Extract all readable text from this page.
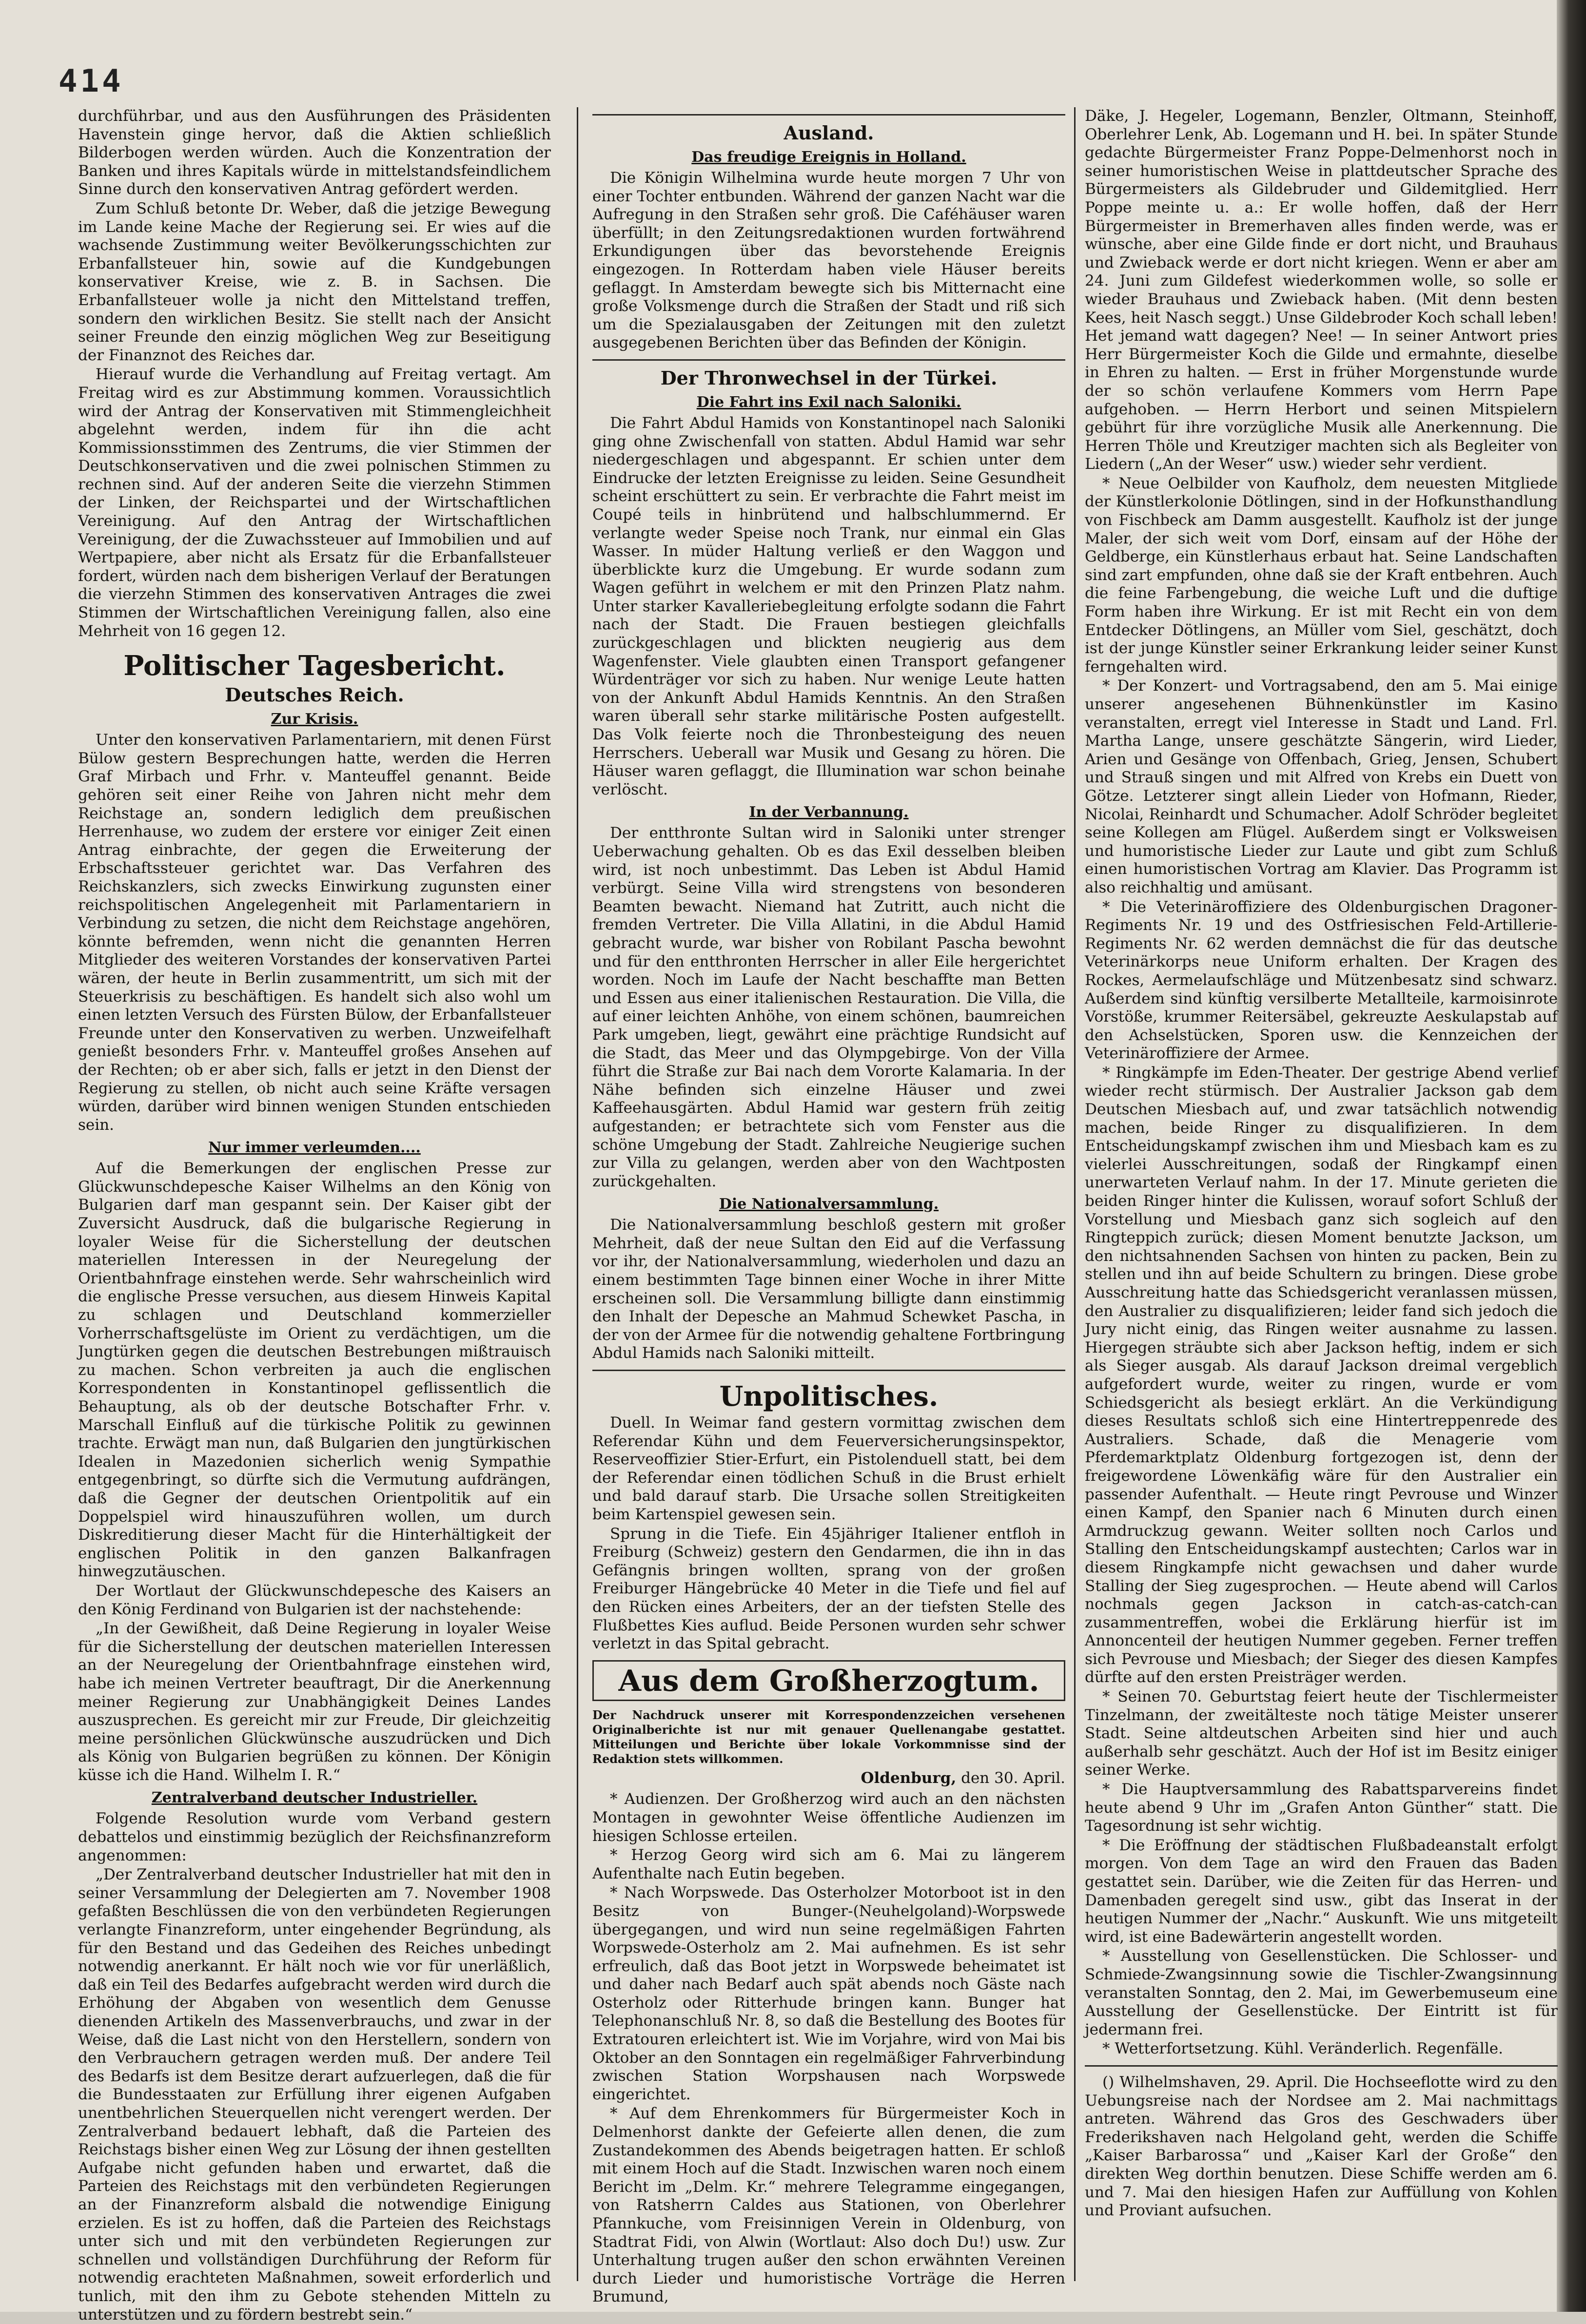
414

durchführbar, und aus den Ausführungen des Präsidenten Havenstein ginge hervor, daß die Aktien schließlich Bilderbogen werden würden. Auch die Konzentration der Banken und ihres Kapitals würde in mittelstandsfeindlichem Sinne durch den konservativen Antrag gefördert werden.

Zum Schluß betonte Dr. Weber, daß die jetzige Bewegung im Lande keine Mache der Regierung sei. Er wies auf die wachsende Zustimmung weiter Bevölkerungsschichten zur Erbanfallsteuer hin, sowie auf die Kundgebungen konservativer Kreise, wie z. B. in Sachsen. Die Erbanfallsteuer wolle ja nicht den Mittelstand treffen, sondern den wirklichen Besitz. Sie stellt nach der Ansicht seiner Freunde den einzig möglichen Weg zur Beseitigung der Finanznot des Reiches dar.

Hierauf wurde die Verhandlung auf Freitag vertagt. Am Freitag wird es zur Abstimmung kommen. Voraussichtlich wird der Antrag der Konservativen mit Stimmengleichheit abgelehnt werden, indem für ihn die acht Kommissionsstimmen des Zentrums, die vier Stimmen der Deutschkonservativen und die zwei polnischen Stimmen zu rechnen sind. Auf der anderen Seite die vierzehn Stimmen der Linken, der Reichspartei und der Wirtschaftlichen Vereinigung. Auf den Antrag der Wirtschaftlichen Vereinigung, der die Zuwachssteuer auf Immobilien und auf Wertpapiere, aber nicht als Ersatz für die Erbanfallsteuer fordert, würden nach dem bisherigen Verlauf der Beratungen die vierzehn Stimmen des konservativen Antrages die zwei Stimmen der Wirtschaftlichen Vereinigung fallen, also eine Mehrheit von 16 gegen 12.

Politischer Tagesbericht.
Deutsches Reich.
Zur Krisis.

Unter den konservativen Parlamentariern, mit denen Fürst Bülow gestern Besprechungen hatte, werden die Herren Graf Mirbach und Frhr. v. Manteuffel genannt. Beide gehören seit einer Reihe von Jahren nicht mehr dem Reichstage an, sondern lediglich dem preußischen Herrenhause, wo zudem der erstere vor einiger Zeit einen Antrag einbrachte, der gegen die Erweiterung der Erbschaftssteuer gerichtet war. Das Verfahren des Reichskanzlers, sich zwecks Einwirkung zugunsten einer reichspolitischen Angelegenheit mit Parlamentariern in Verbindung zu setzen, die nicht dem Reichstage angehören, könnte befremden, wenn nicht die genannten Herren Mitglieder des weiteren Vorstandes der konservativen Partei wären, der heute in Berlin zusammentritt, um sich mit der Steuerkrisis zu beschäftigen. Es handelt sich also wohl um einen letzten Versuch des Fürsten Bülow, der Erbanfallsteuer Freunde unter den Konservativen zu werben. Unzweifelhaft genießt besonders Frhr. v. Manteuffel großes Ansehen auf der Rechten; ob er aber sich, falls er jetzt in den Dienst der Regierung zu stellen, ob nicht auch seine Kräfte versagen würden, darüber wird binnen wenigen Stunden entschieden sein.

Nur immer verleumden....

Auf die Bemerkungen der englischen Presse zur Glückwunschdepesche Kaiser Wilhelms an den König von Bulgarien darf man gespannt sein. Der Kaiser gibt der Zuversicht Ausdruck, daß die bulgarische Regierung in loyaler Weise für die Sicherstellung der deutschen materiellen Interessen in der Neuregelung der Orientbahnfrage einstehen werde. Sehr wahrscheinlich wird die englische Presse versuchen, aus diesem Hinweis Kapital zu schlagen und Deutschland kommerzieller Vorherrschaftsgelüste im Orient zu verdächtigen, um die Jungtürken gegen die deutschen Bestrebungen mißtrauisch zu machen. Schon verbreiten ja auch die englischen Korrespondenten in Konstantinopel geflissentlich die Behauptung, als ob der deutsche Botschafter Frhr. v. Marschall Einfluß auf die türkische Politik zu gewinnen trachte. Erwägt man nun, daß Bulgarien den jungtürkischen Idealen in Mazedonien sicherlich wenig Sympathie entgegenbringt, so dürfte sich die Vermutung aufdrängen, daß die Gegner der deutschen Orientpolitik auf ein Doppelspiel wird hinauszuführen wollen, um durch Diskreditierung dieser Macht für die Hinterhältigkeit der englischen Politik in den ganzen Balkanfragen hinwegzutäuschen.

Der Wortlaut der Glückwunschdepesche des Kaisers an den König Ferdinand von Bulgarien ist der nachstehende:

„In der Gewißheit, daß Deine Regierung in loyaler Weise für die Sicherstellung der deutschen materiellen Interessen an der Neuregelung der Orientbahnfrage einstehen wird, habe ich meinen Vertreter beauftragt, Dir die Anerkennung meiner Regierung zur Unabhängigkeit Deines Landes auszusprechen. Es gereicht mir zur Freude, Dir gleichzeitig meine persönlichen Glückwünsche auszudrücken und Dich als König von Bulgarien begrüßen zu können. Der Königin küsse ich die Hand. Wilhelm I. R.“

Zentralverband deutscher Industrieller.

Folgende Resolution wurde vom Verband gestern debattelos und einstimmig bezüglich der Reichsfinanzreform angenommen:

„Der Zentralverband deutscher Industrieller hat mit den in seiner Versammlung der Delegierten am 7. November 1908 gefaßten Beschlüssen die von den verbündeten Regierungen verlangte Finanzreform, unter eingehender Begründung, als für den Bestand und das Gedeihen des Reiches unbedingt notwendig anerkannt. Er hält noch wie vor für unerläßlich, daß ein Teil des Bedarfes aufgebracht werden wird durch die Erhöhung der Abgaben von wesentlich dem Genusse dienenden Artikeln des Massenverbrauchs, und zwar in der Weise, daß die Last nicht von den Herstellern, sondern von den Verbrauchern getragen werden muß. Der andere Teil des Bedarfs ist dem Besitze derart aufzuerlegen, daß die für die Bundesstaaten zur Erfüllung ihrer eigenen Aufgaben unentbehrlichen Steuerquellen nicht verengert werden. Der Zentralverband bedauert lebhaft, daß die Parteien des Reichstags bisher einen Weg zur Lösung der ihnen gestellten Aufgabe nicht gefunden haben und erwartet, daß die Parteien des Reichstags mit den verbündeten Regierungen an der Finanzreform alsbald die notwendige Einigung erzielen. Es ist zu hoffen, daß die Parteien des Reichstags unter sich und mit den verbündeten Regierungen zur schnellen und vollständigen Durchführung der Reform für notwendig erachteten Maßnahmen, soweit erforderlich und tunlich, mit den ihm zu Gebote stehenden Mitteln zu unterstützen und zu fördern bestrebt sein.“

Ausland.
Das freudige Ereignis in Holland.

Die Königin Wilhelmina wurde heute morgen 7 Uhr von einer Tochter entbunden. Während der ganzen Nacht war die Aufregung in den Straßen sehr groß. Die Caféhäuser waren überfüllt; in den Zeitungsredaktionen wurden fortwährend Erkundigungen über das bevorstehende Ereignis eingezogen. In Rotterdam haben viele Häuser bereits geflaggt. In Amsterdam bewegte sich bis Mitternacht eine große Volksmenge durch die Straßen der Stadt und riß sich um die Spezialausgaben der Zeitungen mit den zuletzt ausgegebenen Berichten über das Befinden der Königin.

Der Thronwechsel in der Türkei.
Die Fahrt ins Exil nach Saloniki.

Die Fahrt Abdul Hamids von Konstantinopel nach Saloniki ging ohne Zwischenfall von statten. Abdul Hamid war sehr niedergeschlagen und abgespannt. Er schien unter dem Eindrucke der letzten Ereignisse zu leiden. Seine Gesundheit scheint erschüttert zu sein. Er verbrachte die Fahrt meist im Coupé teils in hinbrütend und halbschlummernd. Er verlangte weder Speise noch Trank, nur einmal ein Glas Wasser. In müder Haltung verließ er den Waggon und überblickte kurz die Umgebung. Er wurde sodann zum Wagen geführt in welchem er mit den Prinzen Platz nahm. Unter starker Kavalleriebegleitung erfolgte sodann die Fahrt nach der Stadt. Die Frauen bestiegen gleichfalls zurückgeschlagen und blickten neugierig aus dem Wagenfenster. Viele glaubten einen Transport gefangener Würdenträger vor sich zu haben. Nur wenige Leute hatten von der Ankunft Abdul Hamids Kenntnis. An den Straßen waren überall sehr starke militärische Posten aufgestellt. Das Volk feierte noch die Thronbesteigung des neuen Herrschers. Ueberall war Musik und Gesang zu hören. Die Häuser waren geflaggt, die Illumination war schon beinahe verlöscht.

In der Verbannung.

Der entthronte Sultan wird in Saloniki unter strenger Ueberwachung gehalten. Ob es das Exil desselben bleiben wird, ist noch unbestimmt. Das Leben ist Abdul Hamid verbürgt. Seine Villa wird strengstens von besonderen Beamten bewacht. Niemand hat Zutritt, auch nicht die fremden Vertreter. Die Villa Allatini, in die Abdul Hamid gebracht wurde, war bisher von Robilant Pascha bewohnt und für den entthronten Herrscher in aller Eile hergerichtet worden. Noch im Laufe der Nacht beschaffte man Betten und Essen aus einer italienischen Restauration. Die Villa, die auf einer leichten Anhöhe, von einem schönen, baumreichen Park umgeben, liegt, gewährt eine prächtige Rundsicht auf die Stadt, das Meer und das Olympgebirge. Von der Villa führt die Straße zur Bai nach dem Vororte Kalamaria. In der Nähe befinden sich einzelne Häuser und zwei Kaffeehausgärten. Abdul Hamid war gestern früh zeitig aufgestanden; er betrachtete sich vom Fenster aus die schöne Umgebung der Stadt. Zahlreiche Neugierige suchen zur Villa zu gelangen, werden aber von den Wachtposten zurückgehalten.

Die Nationalversammlung.

Die Nationalversammlung beschloß gestern mit großer Mehrheit, daß der neue Sultan den Eid auf die Verfassung vor ihr, der Nationalversammlung, wiederholen und dazu an einem bestimmten Tage binnen einer Woche in ihrer Mitte erscheinen soll. Die Versammlung billigte dann einstimmig den Inhalt der Depesche an Mahmud Schewket Pascha, in der von der Armee für die notwendig gehaltene Fortbringung Abdul Hamids nach Saloniki mitteilt.

Unpolitisches.

Duell. In Weimar fand gestern vormittag zwischen dem Referendar Kühn und dem Feuerversicherungsinspektor, Reserveoffizier Stier-Erfurt, ein Pistolenduell statt, bei dem der Referendar einen tödlichen Schuß in die Brust erhielt und bald darauf starb. Die Ursache sollen Streitigkeiten beim Kartenspiel gewesen sein.

Sprung in die Tiefe. Ein 45jähriger Italiener entfloh in Freiburg (Schweiz) gestern den Gendarmen, die ihn in das Gefängnis bringen wollten, sprang von der großen Freiburger Hängebrücke 40 Meter in die Tiefe und fiel auf den Rücken eines Arbeiters, der an der tiefsten Stelle des Flußbettes Kies auflud. Beide Personen wurden sehr schwer verletzt in das Spital gebracht.

Aus dem Großherzogtum.
Der Nachdruck unserer mit Korrespondenzzeichen versehenen Originalberichte ist nur mit genauer Quellenangabe gestattet. Mitteilungen und Berichte über lokale Vorkommnisse sind der Redaktion stets willkommen.
Oldenburg, den 30. April.

* Audienzen. Der Großherzog wird auch an den nächsten Montagen in gewohnter Weise öffentliche Audienzen im hiesigen Schlosse erteilen.

* Herzog Georg wird sich am 6. Mai zu längerem Aufenthalte nach Eutin begeben.

* Nach Worpswede. Das Osterholzer Motorboot ist in den Besitz von Bunger-(Neuhelgoland)-Worpswede übergegangen, und wird nun seine regelmäßigen Fahrten Worpswede-Osterholz am 2. Mai aufnehmen. Es ist sehr erfreulich, daß das Boot jetzt in Worpswede beheimatet ist und daher nach Bedarf auch spät abends noch Gäste nach Osterholz oder Ritterhude bringen kann. Bunger hat Telephonanschluß Nr. 8, so daß die Bestellung des Bootes für Extratouren erleichtert ist. Wie im Vorjahre, wird von Mai bis Oktober an den Sonntagen ein regelmäßiger Fahrverbindung zwischen Station Worpshausen nach Worpswede eingerichtet.

* Auf dem Ehrenkommers für Bürgermeister Koch in Delmenhorst dankte der Gefeierte allen denen, die zum Zustandekommen des Abends beigetragen hatten. Er schloß mit einem Hoch auf die Stadt. Inzwischen waren noch einem Bericht im „Delm. Kr.“ mehrere Telegramme eingegangen, von Ratsherrn Caldes aus Stationen, von Oberlehrer Pfannkuche, vom Freisinnigen Verein in Oldenburg, von Stadtrat Fidi, von Alwin (Wortlaut: Also doch Du!) usw. Zur Unterhaltung trugen außer den schon erwähnten Vereinen durch Lieder und humoristische Vorträge die Herren Brumund,

Däke, J. Hegeler, Logemann, Benzler, Oltmann, Steinhoff, Oberlehrer Lenk, Ab. Logemann und H. bei. In später Stunde gedachte Bürgermeister Franz Poppe-Delmenhorst noch in seiner humoristischen Weise in plattdeutscher Sprache des Bürgermeisters als Gildebruder und Gildemitglied. Herr Poppe meinte u. a.: Er wolle hoffen, daß der Herr Bürgermeister in Bremerhaven alles finden werde, was er wünsche, aber eine Gilde finde er dort nicht, und Brauhaus und Zwieback werde er dort nicht kriegen. Wenn er aber am 24. Juni zum Gildefest wiederkommen wolle, so solle er wieder Brauhaus und Zwieback haben. (Mit denn besten Kees, heit Nasch seggt.) Unse Gildebroder Koch schall leben! Het jemand watt dagegen? Nee! — In seiner Antwort pries Herr Bürgermeister Koch die Gilde und ermahnte, dieselbe in Ehren zu halten. — Erst in früher Morgenstunde wurde der so schön verlaufene Kommers vom Herrn Pape aufgehoben. — Herrn Herbort und seinen Mitspielern gebührt für ihre vorzügliche Musik alle Anerkennung. Die Herren Thöle und Kreutziger machten sich als Begleiter von Liedern („An der Weser“ usw.) wieder sehr verdient.

* Neue Oelbilder von Kaufholz, dem neuesten Mitgliede der Künstlerkolonie Dötlingen, sind in der Hofkunsthandlung von Fischbeck am Damm ausgestellt. Kaufholz ist der junge Maler, der sich weit vom Dorf, einsam auf der Höhe der Geldberge, ein Künstlerhaus erbaut hat. Seine Landschaften sind zart empfunden, ohne daß sie der Kraft entbehren. Auch die feine Farbengebung, die weiche Luft und die duftige Form haben ihre Wirkung. Er ist mit Recht ein von dem Entdecker Dötlingens, an Müller vom Siel, geschätzt, doch ist der junge Künstler seiner Erkrankung leider seiner Kunst ferngehalten wird.

* Der Konzert- und Vortragsabend, den am 5. Mai einige unserer angesehenen Bühnenkünstler im Kasino veranstalten, erregt viel Interesse in Stadt und Land. Frl. Martha Lange, unsere geschätzte Sängerin, wird Lieder, Arien und Gesänge von Offenbach, Grieg, Jensen, Schubert und Strauß singen und mit Alfred von Krebs ein Duett von Götze. Letzterer singt allein Lieder von Hofmann, Rieder, Nicolai, Reinhardt und Schumacher. Adolf Schröder begleitet seine Kollegen am Flügel. Außerdem singt er Volksweisen und humoristische Lieder zur Laute und gibt zum Schluß einen humoristischen Vortrag am Klavier. Das Programm ist also reichhaltig und amüsant.

* Die Veterinäroffiziere des Oldenburgischen Dragoner-Regiments Nr. 19 und des Ostfriesischen Feld-Artillerie-Regiments Nr. 62 werden demnächst die für das deutsche Veterinärkorps neue Uniform erhalten. Der Kragen des Rockes, Aermelaufschläge und Mützenbesatz sind schwarz. Außerdem sind künftig versilberte Metallteile, karmoisinrote Vorstöße, krummer Reitersäbel, gekreuzte Aeskulapstab auf den Achselstücken, Sporen usw. die Kennzeichen der Veterinäroffiziere der Armee.

* Ringkämpfe im Eden-Theater. Der gestrige Abend verlief wieder recht stürmisch. Der Australier Jackson gab dem Deutschen Miesbach auf, und zwar tatsächlich notwendig machen, beide Ringer zu disqualifizieren. In dem Entscheidungskampf zwischen ihm und Miesbach kam es zu vielerlei Ausschreitungen, sodaß der Ringkampf einen unerwarteten Verlauf nahm. In der 17. Minute gerieten die beiden Ringer hinter die Kulissen, worauf sofort Schluß der Vorstellung und Miesbach ganz sich sogleich auf den Ringteppich zurück; diesen Moment benutzte Jackson, um den nichtsahnenden Sachsen von hinten zu packen, Bein zu stellen und ihn auf beide Schultern zu bringen. Diese grobe Ausschreitung hatte das Schiedsgericht veranlassen müssen, den Australier zu disqualifizieren; leider fand sich jedoch die Jury nicht einig, das Ringen weiter ausnahme zu lassen. Hiergegen sträubte sich aber Jackson heftig, indem er sich als Sieger ausgab. Als darauf Jackson dreimal vergeblich aufgefordert wurde, weiter zu ringen, wurde er vom Schiedsgericht als besiegt erklärt. An die Verkündigung dieses Resultats schloß sich eine Hintertreppenrede des Australiers. Schade, daß die Menagerie vom Pferdemarktplatz Oldenburg fortgezogen ist, denn der freigewordene Löwenkäfig wäre für den Australier ein passender Aufenthalt. — Heute ringt Pevrouse und Winzer einen Kampf, den Spanier nach 6 Minuten durch einen Armdruckzug gewann. Weiter sollten noch Carlos und Stalling den Entscheidungskampf austechten; Carlos war in diesem Ringkampfe nicht gewachsen und daher wurde Stalling der Sieg zugesprochen. — Heute abend will Carlos nochmals gegen Jackson in catch-as-catch-can zusammentreffen, wobei die Erklärung hierfür ist im Annoncenteil der heutigen Nummer gegeben. Ferner treffen sich Pevrouse und Miesbach; der Sieger des diesen Kampfes dürfte auf den ersten Preisträger werden.

* Seinen 70. Geburtstag feiert heute der Tischlermeister Tinzelmann, der zweitälteste noch tätige Meister unserer Stadt. Seine altdeutschen Arbeiten sind hier und auch außerhalb sehr geschätzt. Auch der Hof ist im Besitz einiger seiner Werke.

* Die Hauptversammlung des Rabattsparvereins findet heute abend 9 Uhr im „Grafen Anton Günther“ statt. Die Tagesordnung ist sehr wichtig.

* Die Eröffnung der städtischen Flußbadeanstalt erfolgt morgen. Von dem Tage an wird den Frauen das Baden gestattet sein. Darüber, wie die Zeiten für das Herren- und Damenbaden geregelt sind usw., gibt das Inserat in der heutigen Nummer der „Nachr.“ Auskunft. Wie uns mitgeteilt wird, ist eine Badewärterin angestellt worden.

* Ausstellung von Gesellenstücken. Die Schlosser- und Schmiede-Zwangsinnung sowie die Tischler-Zwangsinnung veranstalten Sonntag, den 2. Mai, im Gewerbemuseum eine Ausstellung der Gesellenstücke. Der Eintritt ist für jedermann frei.

* Wetterfortsetzung. Kühl. Veränderlich. Regenfälle.

() Wilhelmshaven, 29. April. Die Hochseeflotte wird zu den Uebungsreise nach der Nordsee am 2. Mai nachmittags antreten. Während das Gros des Geschwaders über Frederikshaven nach Helgoland geht, werden die Schiffe „Kaiser Barbarossa“ und „Kaiser Karl der Große“ den direkten Weg dorthin benutzen. Diese Schiffe werden am 6. und 7. Mai den hiesigen Hafen zur Auffüllung von Kohlen und Proviant aufsuchen.
